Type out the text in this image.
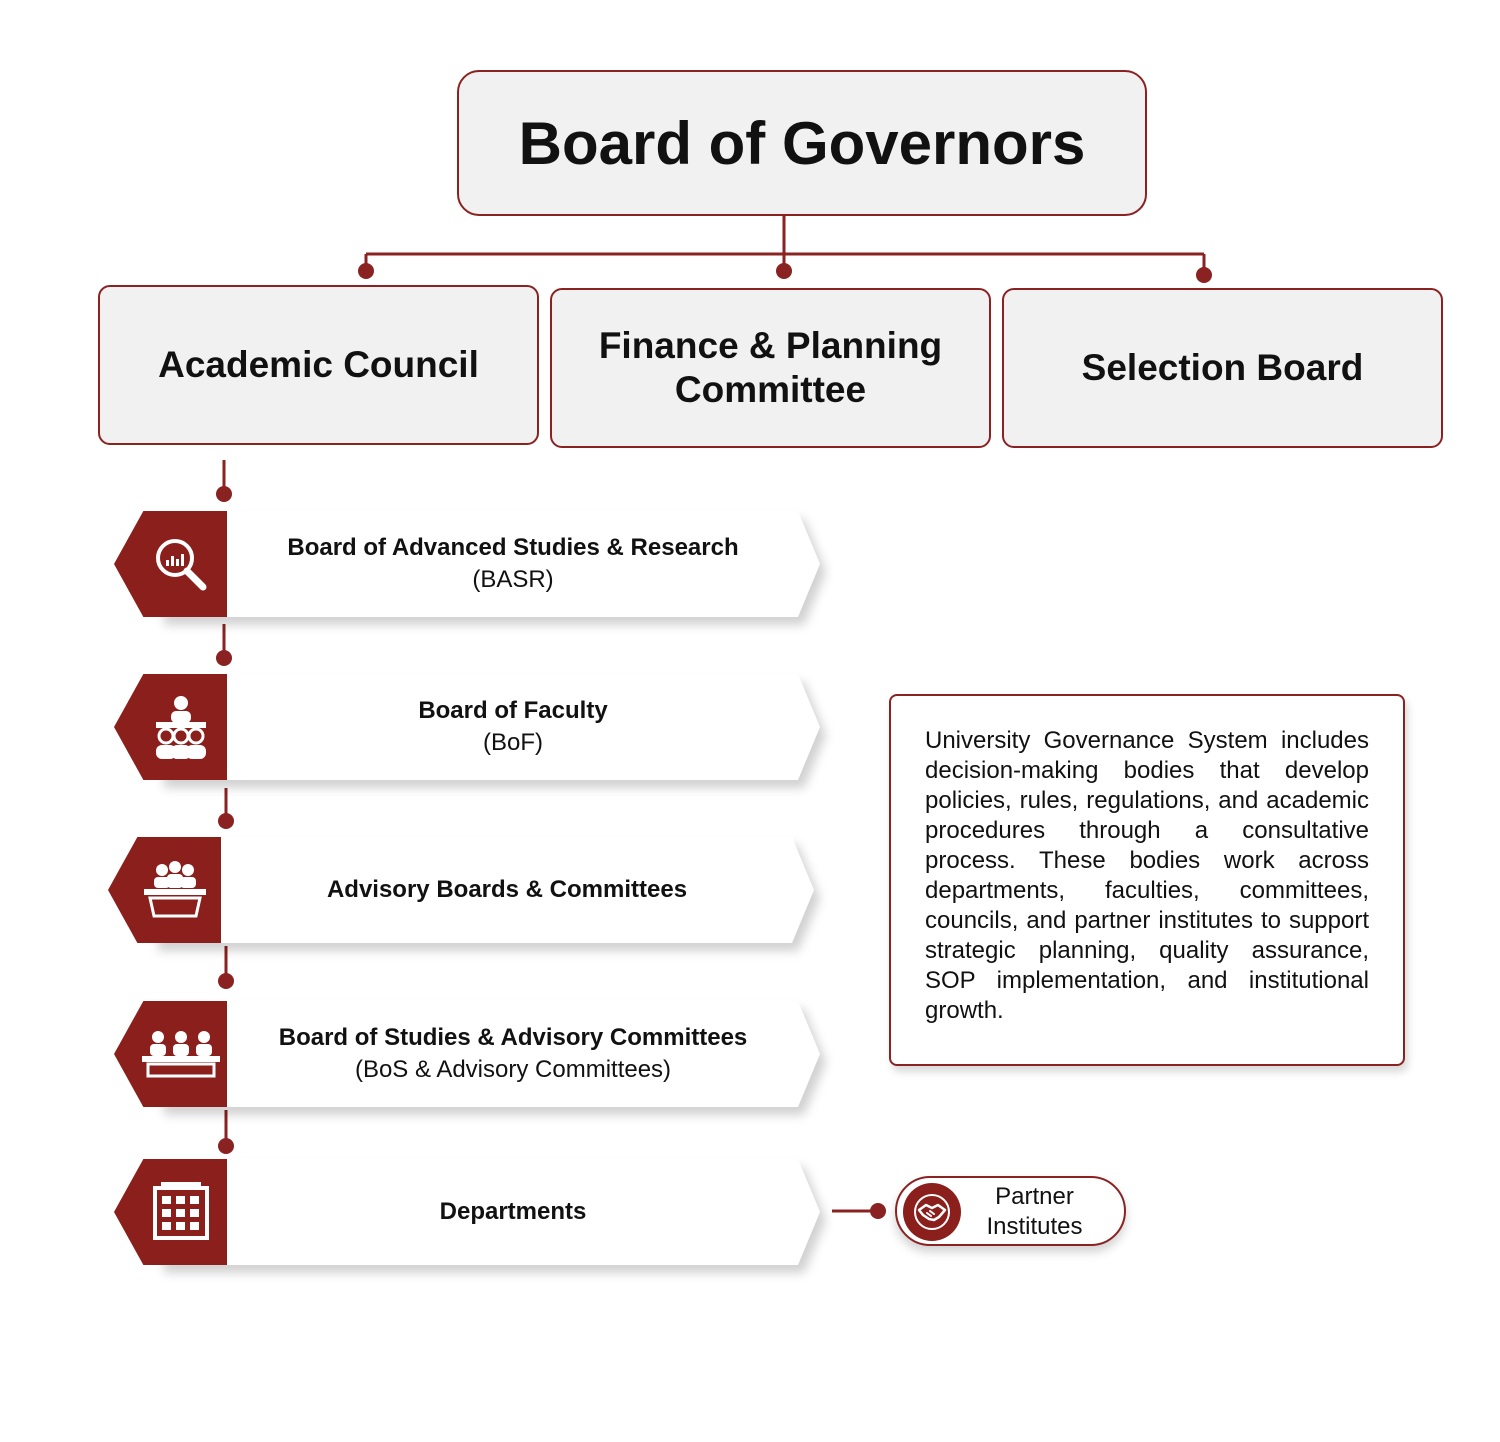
Board of Governors
Academic Council	Finance & Planning
Committee
Selection Board
Board of Advanced Studies & Research
(BASR)
Board of Faculty
(BoF)
Advisory Boards & Committees
Board of Studies & Advisory Committees
(BoS & Advisory Committees)
Departments
University Governance System includes decision-making bodies that develop policies, rules, regulations, and academic procedures through a consultative process. These bodies work across departments, faculties, committees, councils, and partner institutes to support strategic planning, quality assurance, SOP implementation, and institutional growth.
Partner
Institutes
